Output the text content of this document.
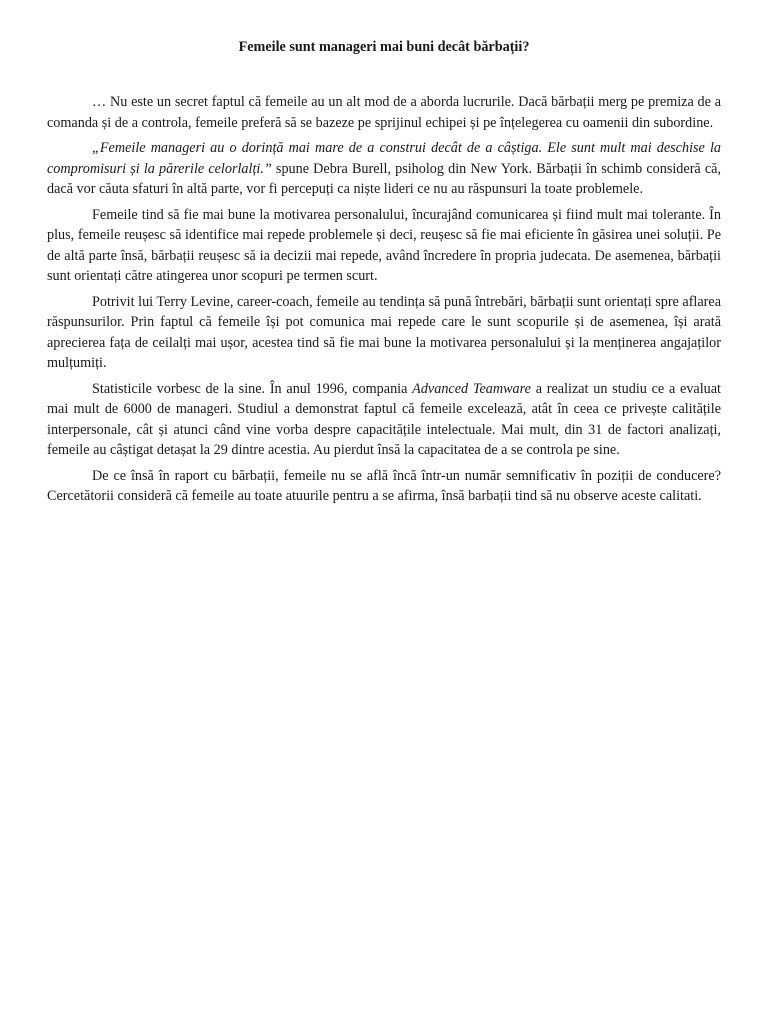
Femeile sunt manageri mai buni decât bărbații?

… Nu este un secret faptul că femeile au un alt mod de a aborda lucrurile. Dacă bărbații merg pe premiza de a comanda și de a controla, femeile preferă să se bazeze pe sprijinul echipei și pe înțelegerea cu oamenii din subordine.

„Femeile manageri au o dorință mai mare de a construi decât de a câștiga. Ele sunt mult mai deschise la compromisuri și la părerile celorlalți.” spune Debra Burell, psiholog din New York. Bărbații în schimb consideră că, dacă vor căuta sfaturi în altă parte, vor fi percepuți ca niște lideri ce nu au răspunsuri la toate problemele.

Femeile tind să fie mai bune la motivarea personalului, încurajând comunicarea și fiind mult mai tolerante. În plus, femeile reușesc să identifice mai repede problemele și deci, reușesc să fie mai eficiente în găsirea unei soluții. Pe de altă parte însă, bărbații reușesc să ia decizii mai repede, având încredere în propria judecata. De asemenea, bărbații sunt orientați către atingerea unor scopuri pe termen scurt.

Potrivit lui Terry Levine, career-coach, femeile au tendința să pună întrebări, bărbații sunt orientați spre aflarea răspunsurilor. Prin faptul că femeile își pot comunica mai repede care le sunt scopurile și de asemenea, își arată aprecierea fața de ceilalți mai ușor, acestea tind să fie mai bune la motivarea personalului și la menținerea angajaților mulțumiți.

Statisticile vorbesc de la sine. În anul 1996, compania Advanced Teamware a realizat un studiu ce a evaluat mai mult de 6000 de manageri. Studiul a demonstrat faptul că femeile excelează, atât în ceea ce privește calitățile interpersonale, cât și atunci când vine vorba despre capacitățile intelectuale. Mai mult, din 31 de factori analizați, femeile au câștigat detașat la 29 dintre acestia. Au pierdut însă la capacitatea de a se controla pe sine.

De ce însă în raport cu bărbații, femeile nu se află încă într-un număr semnificativ în poziții de conducere? Cercetătorii consideră că femeile au toate atuurile pentru a se afirma, însă barbații tind să nu observe aceste calitati.
